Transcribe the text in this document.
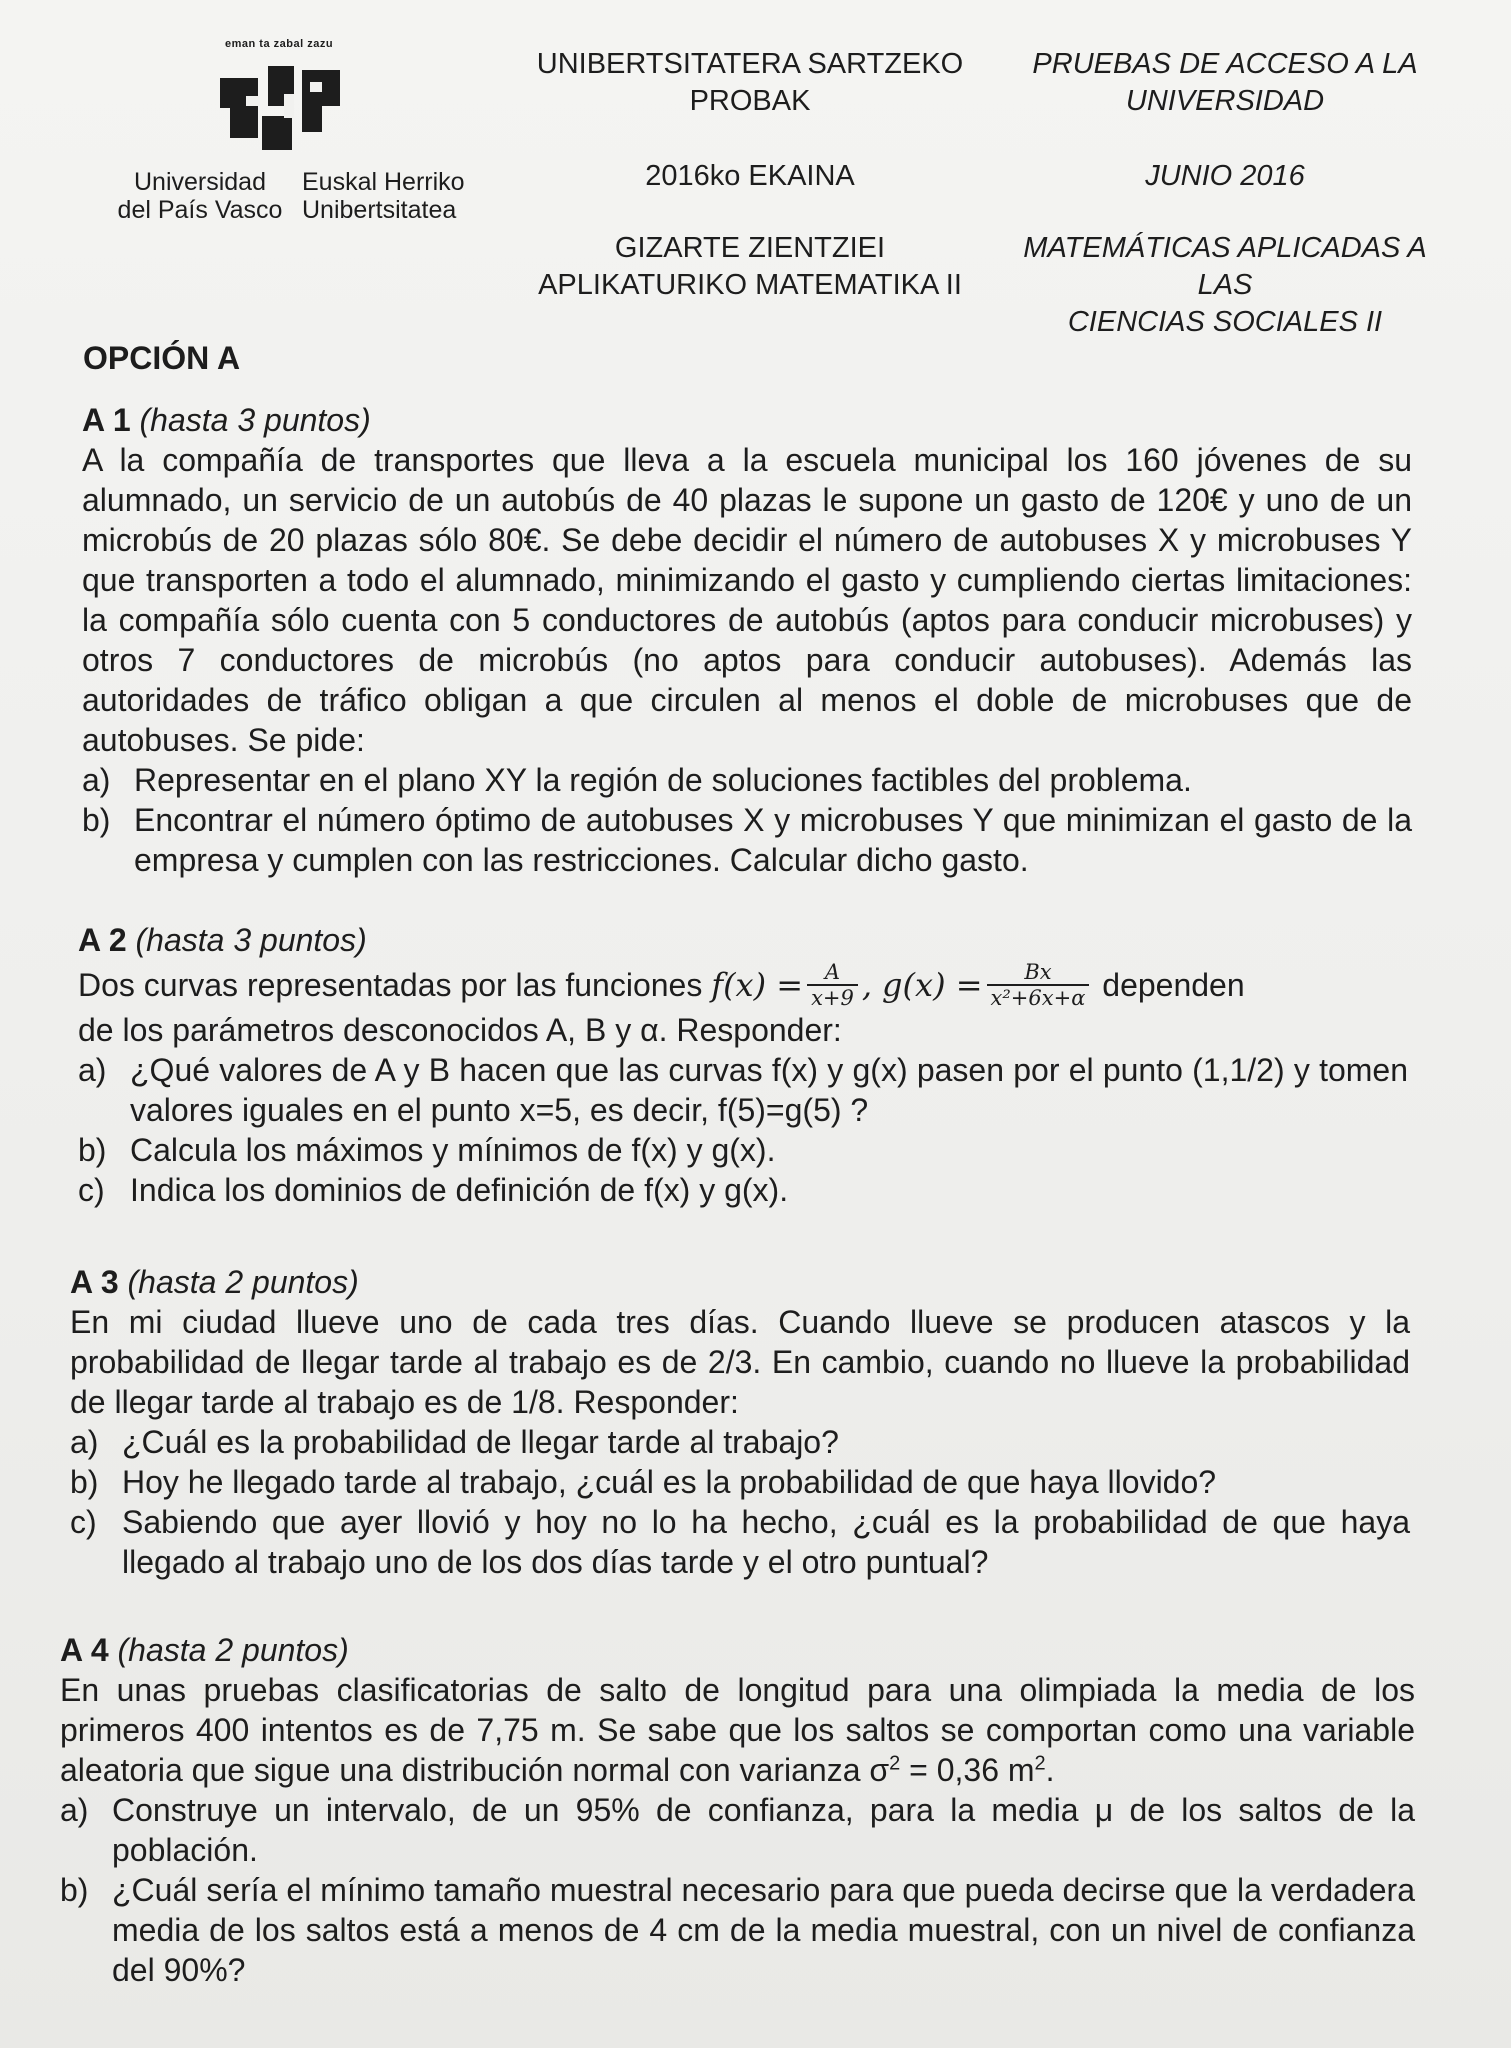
eman ta zabal zazu
Universidad
del País Vasco
Euskal Herriko
Unibertsitatea
UNIBERTSITATERA SARTZEKO
PROBAK
PRUEBAS DE ACCESO A LA
UNIVERSIDAD
2016ko EKAINA	JUNIO 2016
GIZARTE ZIENTZIEI
APLIKATURIKO MATEMATIKA II
MATEMÁTICAS APLICADAS A LAS
CIENCIAS SOCIALES II
OPCIÓN A
A 1 (hasta 3 puntos)
A la compañía de transportes que lleva a la escuela municipal los 160 jóvenes de su alumnado, un servicio de un autobús de 40 plazas le supone un gasto de 120€ y uno de un microbús de 20 plazas sólo 80€. Se debe decidir el número de autobuses X y microbuses Y que transporten a todo el alumnado, minimizando el gasto y cumpliendo ciertas limitaciones: la compañía sólo cuenta con 5 conductores de autobús (aptos para conducir microbuses) y otros 7 conductores de microbús (no aptos para conducir autobuses). Además las autoridades de tráfico obligan a que circulen al menos el doble de microbuses que de autobuses. Se pide:
a) Representar en el plano XY la región de soluciones factibles del problema.
b) Encontrar el número óptimo de autobuses X y microbuses Y que minimizan el gasto de la empresa y cumplen con las restricciones. Calcular dicho gasto.
A 2 (hasta 3 puntos)
Dos curvas representadas por las funciones $f(x) = \frac{A}{x+9}$ , $g(x) = \frac{Bx}{\text{x²+6x+α}}$ dependen
de los parámetros desconocidos A, B y α. Responder:
a) ¿Qué valores de A y B hacen que las curvas f(x) y g(x) pasen por el punto (1,1/2) y tomen valores iguales en el punto x=5, es decir, f(5)=g(5) ?
b) Calcula los máximos y mínimos de f(x) y g(x).
c) Indica los dominios de definición de f(x) y g(x).
A 3 (hasta 2 puntos)
En mi ciudad llueve uno de cada tres días. Cuando llueve se producen atascos y la probabilidad de llegar tarde al trabajo es de 2/3. En cambio, cuando no llueve la probabilidad de llegar tarde al trabajo es de 1/8. Responder:
a) ¿Cuál es la probabilidad de llegar tarde al trabajo?
b) Hoy he llegado tarde al trabajo, ¿cuál es la probabilidad de que haya llovido?
c) Sabiendo que ayer llovió y hoy no lo ha hecho, ¿cuál es la probabilidad de que haya llegado al trabajo uno de los dos días tarde y el otro puntual?
A 4 (hasta 2 puntos)
En unas pruebas clasificatorias de salto de longitud para una olimpiada la media de los primeros 400 intentos es de 7,75 m. Se sabe que los saltos se comportan como una variable aleatoria que sigue una distribución normal con varianza $\sigma^2 = 0,36$ $m^2$.
a) Construye un intervalo, de un 95% de confianza, para la media μ de los saltos de la población.
b) ¿Cuál sería el mínimo tamaño muestral necesario para que pueda decirse que la verdadera media de los saltos está a menos de 4 cm de la media muestral, con un nivel de confianza del 90%?
